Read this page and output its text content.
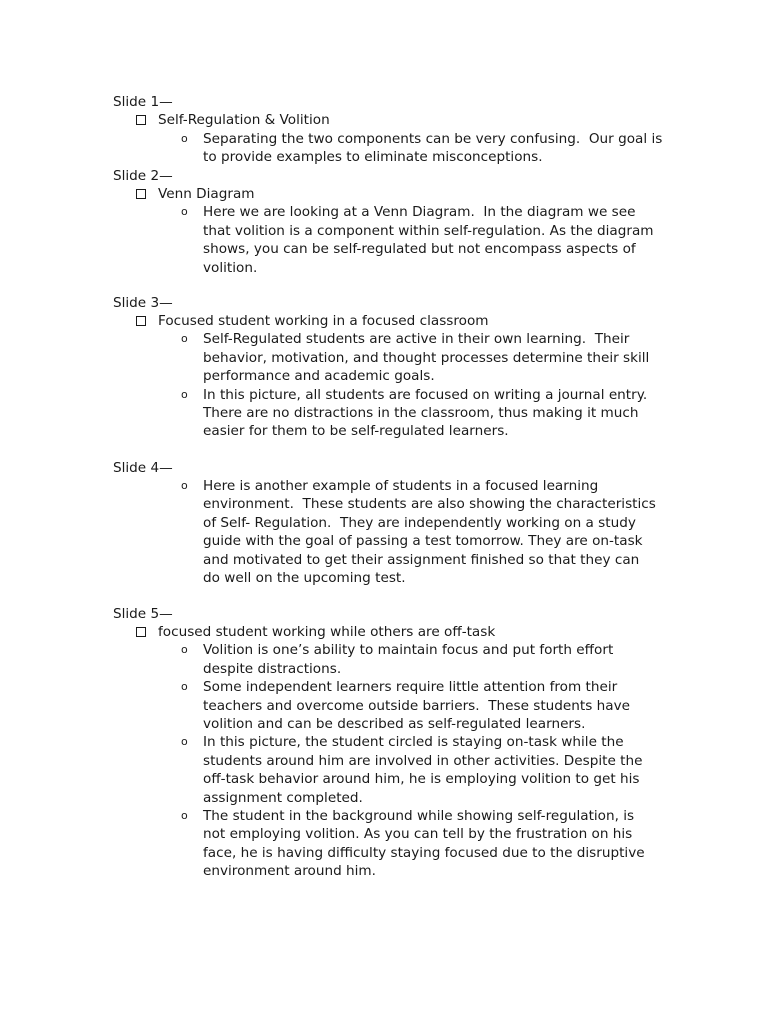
Slide 1—

Self-Regulation & Volition

o Separating the two components can be very confusing.  Our goal is
to provide examples to eliminate misconceptions.
Slide 2—

Venn Diagram

o Here we are looking at a Venn Diagram.  In the diagram we see
that volition is a component within self-regulation. As the diagram
shows, you can be self-regulated but not encompass aspects of
volition.
Slide 3—

Focused student working in a focused classroom

o Self-Regulated students are active in their own learning.  Their
behavior, motivation, and thought processes determine their skill
performance and academic goals.
o In this picture, all students are focused on writing a journal entry.
There are no distractions in the classroom, thus making it much
easier for them to be self-regulated learners.
Slide 4—
o Here is another example of students in a focused learning
environment.  These students are also showing the characteristics
of Self- Regulation.  They are independently working on a study
guide with the goal of passing a test tomorrow. They are on-task
and motivated to get their assignment finished so that they can
do well on the upcoming test.
Slide 5—

focused student working while others are off-task

o Volition is one’s ability to maintain focus and put forth effort
despite distractions.
o Some independent learners require little attention from their
teachers and overcome outside barriers.  These students have
volition and can be described as self-regulated learners.
o In this picture, the student circled is staying on-task while the
students around him are involved in other activities. Despite the
off-task behavior around him, he is employing volition to get his
assignment completed.
o The student in the background while showing self-regulation, is
not employing volition. As you can tell by the frustration on his
face, he is having difficulty staying focused due to the disruptive
environment around him.
